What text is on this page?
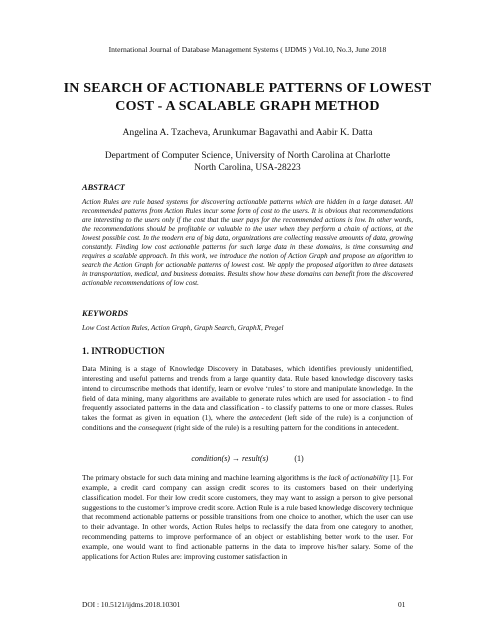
International Journal of Database Management Systems ( IJDMS ) Vol.10, No.3, June 2018
IN SEARCH OF ACTIONABLE PATTERNS OF LOWEST
COST - A SCALABLE GRAPH METHOD
Angelina A. Tzacheva, Arunkumar Bagavathi and Aabir K. Datta
Department of Computer Science, University of North Carolina at Charlotte
North Carolina, USA-28223
ABSTRACT
Action Rules are rule based systems for discovering actionable patterns which are hidden in a large dataset. All recommended patterns from Action Rules incur some form of cost to the users. It is obvious that recommendations are interesting to the users only if the cost that the user pays for the recommended actions is low. In other words, the recommendations should be profitable or valuable to the user when they perform a chain of actions, at the lowest possible cost. In the modern era of big data, organizations are collecting massive amounts of data, growing constantly. Finding low cost actionable patterns for such large data in these domains, is time consuming and requires a scalable approach. In this work, we introduce the notion of Action Graph and propose an algorithm to search the Action Graph for actionable patterns of lowest cost. We apply the proposed algorithm to three datasets in transportation, medical, and business domains. Results show how these domains can benefit from the discovered actionable recommendations of low cost.
KEYWORDS
Low Cost Action Rules, Action Graph, Graph Search, GraphX, Pregel
1. INTRODUCTION
Data Mining is a stage of Knowledge Discovery in Databases, which identifies previously unidentified, interesting and useful patterns and trends from a large quantity data. Rule based knowledge discovery tasks intend to circumscribe methods that identify, learn or evolve ‘rules’ to store and manipulate knowledge. In the field of data mining, many algorithms are available to generate rules which are used for association - to find frequently associated patterns in the data and classification - to classify patterns to one or more classes. Rules takes the format as given in equation (1), where the antecedent (left side of the rule) is a conjunction of conditions and the consequent (right side of the rule) is a resulting pattern for the conditions in antecedent.
condition(s) → result(s)	(1)
The primary obstacle for such data mining and machine learning algorithms is the lack of actionability [1]. For example, a credit card company can assign credit scores to its customers based on their underlying classification model. For their low credit score customers, they may want to assign a person to give personal suggestions to the customer’s improve credit score. Action Rule is a rule based knowledge discovery technique that recommend actionable patterns or possible transitions from one choice to another, which the user can use to their advantage. In other words, Action Rules helps to reclassify the data from one category to another, recommending patterns to improve performance of an object or establishing better work to the user. For example, one would want to find actionable patterns in the data to improve his/her salary. Some of the applications for Action Rules are: improving customer satisfaction in
DOI : 10.5121/ijdms.2018.10301	01
